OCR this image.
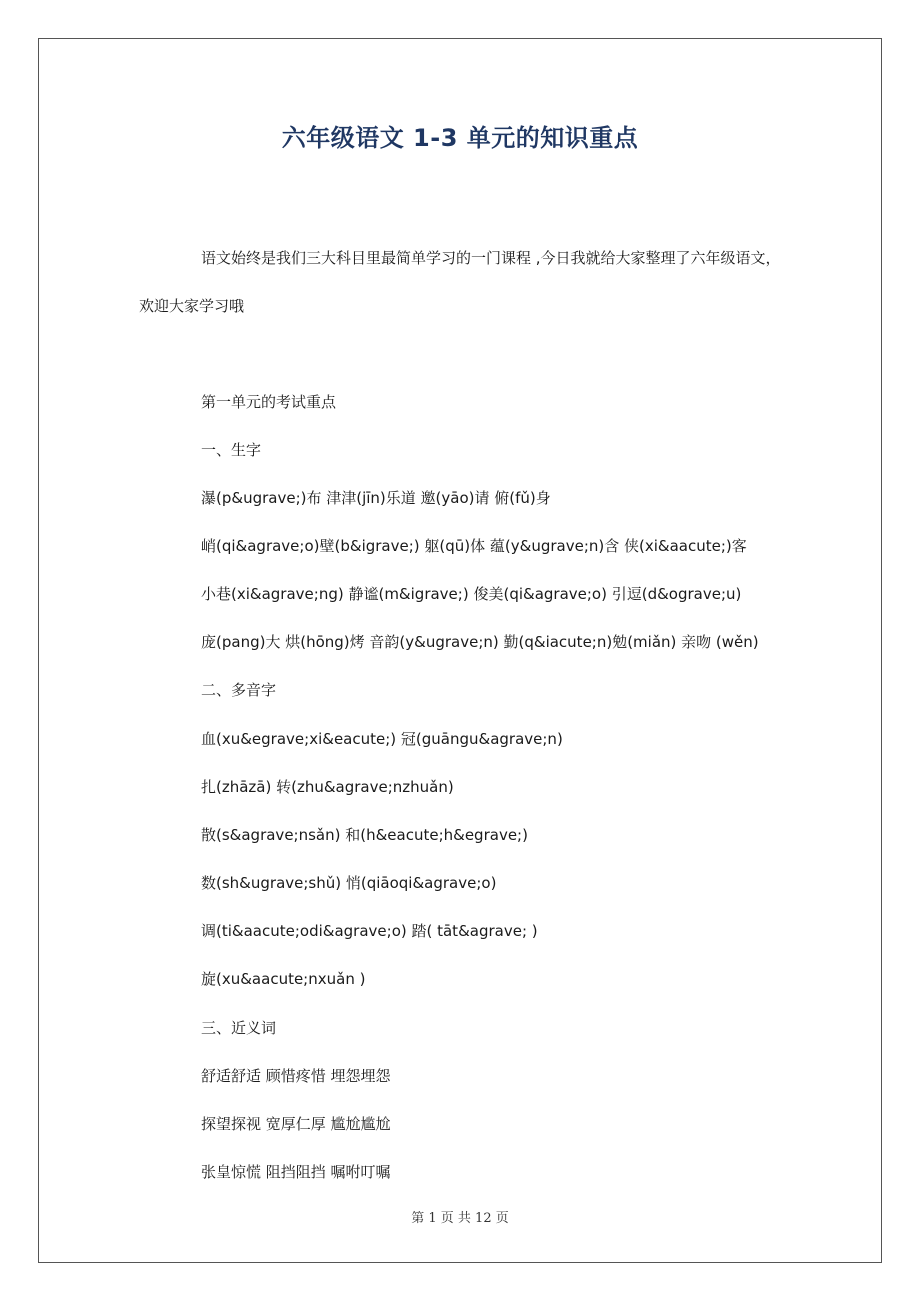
六年级语文 1-3 单元的知识重点
语文始终是我们三大科目里最简单学习的一门课程 ,今日我就给大家整理了六年级语文，
欢迎大家学习哦
第一单元的考试重点
一、生字
瀑(p&ugrave;)布 津津(jīn)乐道 邀(yāo)请 俯(fǔ)身
峭(qi&agrave;o)壁(b&igrave;) 躯(qū)体 蕴(y&ugrave;n)含 侠(xi&aacute;)客
小巷(xi&agrave;ng) 静谧(m&igrave;) 俊美(qi&agrave;o) 引逗(d&ograve;u)
庞(pang)大 烘(hōng)烤 音韵(y&ugrave;n) 勤(q&iacute;n)勉(miǎn) 亲吻 (wěn)
二、多音字
血(xu&egrave;xi&eacute;) 冠(guāngu&agrave;n)
扎(zhāzā) 转(zhu&agrave;nzhuǎn)
散(s&agrave;nsǎn) 和(h&eacute;h&egrave;)
数(sh&ugrave;shǔ) 悄(qiāoqi&agrave;o)
调(ti&aacute;odi&agrave;o) 踏( tāt&agrave; )
旋(xu&aacute;nxuǎn )
三、近义词
舒适舒适 顾惜疼惜 埋怨埋怨
探望探视 宽厚仁厚 尴尬尴尬
张皇惊慌 阻挡阻挡 嘱咐叮嘱
第 1 页 共 12 页
